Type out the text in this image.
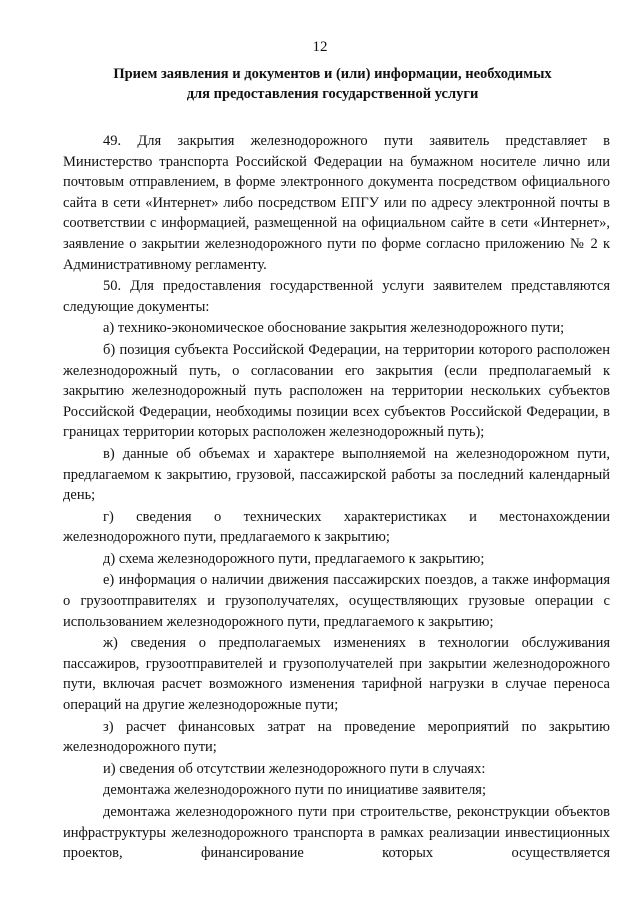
12
Прием заявления и документов и (или) информации, необходимых
для предоставления государственной услуги

49. Для закрытия железнодорожного пути заявитель представляет в Министерство транспорта Российской Федерации на бумажном носителе лично или почтовым отправлением, в форме электронного документа посредством официального сайта в сети «Интернет» либо посредством ЕПГУ или по адресу электронной почты в соответствии с информацией, размещенной на официальном сайте в сети «Интернет», заявление о закрытии железнодорожного пути по форме согласно приложению № 2 к Административному регламенту.

50. Для предоставления государственной услуги заявителем представляются следующие документы:

а) технико-экономическое обоснование закрытия железнодорожного пути;

б) позиция субъекта Российской Федерации, на территории которого расположен железнодорожный путь, о согласовании его закрытия (если предполагаемый к закрытию железнодорожный путь расположен на территории нескольких субъектов Российской Федерации, необходимы позиции всех субъектов Российской Федерации, в границах территории которых расположен железнодорожный путь);

в) данные об объемах и характере выполняемой на железнодорожном пути, предлагаемом к закрытию, грузовой, пассажирской работы за последний календарный день;

г) сведения о технических характеристиках и местонахождении железнодорожного пути, предлагаемого к закрытию;

д) схема железнодорожного пути, предлагаемого к закрытию;

е) информация о наличии движения пассажирских поездов, а также информация о грузоотправителях и грузополучателях, осуществляющих грузовые операции с использованием железнодорожного пути, предлагаемого к закрытию;

ж) сведения о предполагаемых изменениях в технологии обслуживания пассажиров, грузоотправителей и грузополучателей при закрытии железнодорожного пути, включая расчет возможного изменения тарифной нагрузки в случае переноса операций на другие железнодорожные пути;

з) расчет финансовых затрат на проведение мероприятий по закрытию железнодорожного пути;

и) сведения об отсутствии железнодорожного пути в случаях:

демонтажа железнодорожного пути по инициативе заявителя;

демонтажа железнодорожного пути при строительстве, реконструкции объектов инфраструктуры железнодорожного транспорта в рамках реализации инвестиционных проектов, финансирование которых осуществляется
